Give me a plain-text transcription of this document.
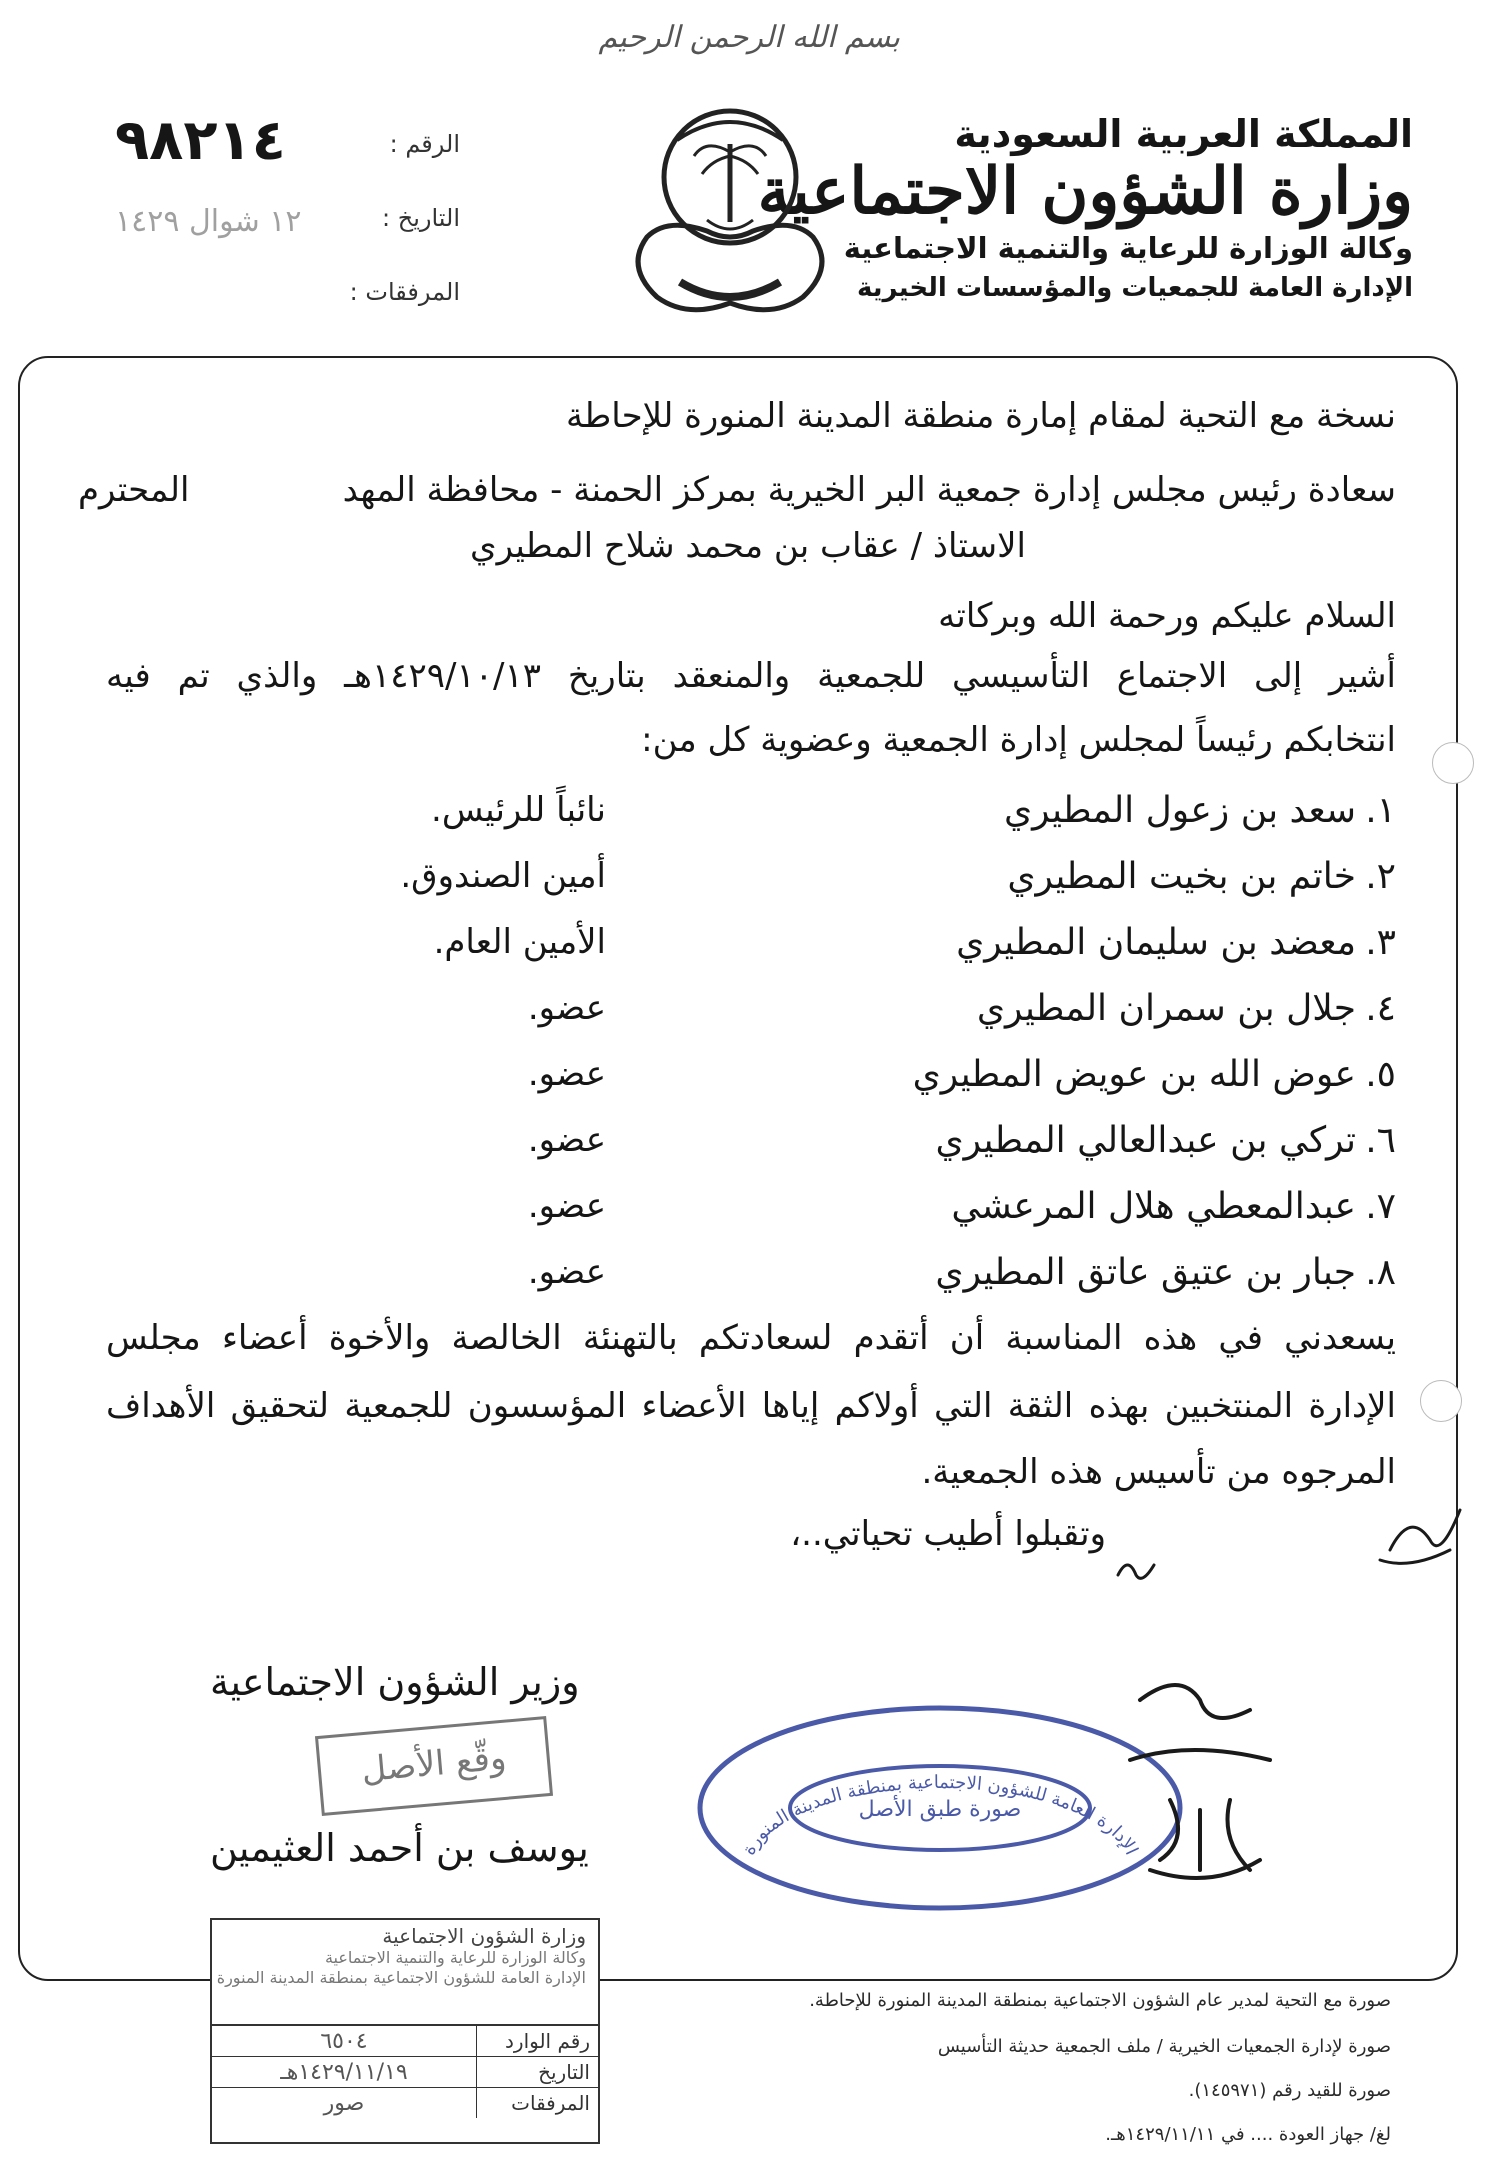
بسم الله الرحمن الرحيم
المملكة العربية السعودية
وزارة الشؤون الاجتماعية
وكالة الوزارة للرعاية والتنمية الاجتماعية
الإدارة العامة للجمعيات والمؤسسات الخيرية
الرقم :
٩٨٢١٤
التاريخ :
١٢ شوال ١٤٢٩
المرفقات :
نسخة مع التحية لمقام إمارة منطقة المدينة المنورة للإحاطة
سعادة رئيس مجلس إدارة جمعية البر الخيرية بمركز الحمنة - محافظة المهد
المحترم
الاستاذ / عقاب بن محمد شلاح المطيري
السلام عليكم ورحمة الله وبركاته
أشير إلى الاجتماع التأسيسي للجمعية والمنعقد بتاريخ ١٤٢٩/١٠/١٣هـ والذي تم فيه
انتخابكم رئيساً لمجلس إدارة الجمعية وعضوية كل من:
١.
سعد بن زعول المطيري
نائباً للرئيس.
٢.
خاتم بن بخيت المطيري
أمين الصندوق.
٣.
معضد بن سليمان المطيري
الأمين العام.
٤.
جلال بن سمران المطيري
عضو.
٥.
عوض الله بن عويض المطيري
عضو.
٦.
تركي بن عبدالعالي المطيري
عضو.
٧.
عبدالمعطي هلال المرعشي
عضو.
٨.
جبار بن عتيق عاتق المطيري
عضو.
يسعدني في هذه المناسبة أن أتقدم لسعادتكم بالتهنئة الخالصة والأخوة أعضاء مجلس
الإدارة المنتخبين بهذه الثقة التي أولاكم إياها الأعضاء المؤسسون للجمعية لتحقيق الأهداف
المرجوه من تأسيس هذه الجمعية.
وتقبلوا أطيب تحياتي..،
وزير الشؤون الاجتماعية
وقّع الأصل
يوسف بن أحمد العثيمين	الإدارة العامة للشؤون الاجتماعية بمنطقة المدينة المنورة
صورة طبق الأصل
وزارة الشؤون الاجتماعية
وكالة الوزارة للرعاية والتنمية الاجتماعية
الإدارة العامة للشؤون الاجتماعية بمنطقة المدينة المنورة
رقم الوارد	٦٥٠٤
التاريخ	١٤٢٩/١١/١٩هـ
المرفقات	صور
صورة مع التحية لمدير عام الشؤون الاجتماعية بمنطقة المدينة المنورة للإحاطة.
صورة لإدارة الجمعيات الخيرية / ملف الجمعية حديثة التأسيس
صورة للقيد رقم (١٤٥٩٧١).
لغ/ جهاز العودة .... في ١٤٢٩/١١/١١هـ.
